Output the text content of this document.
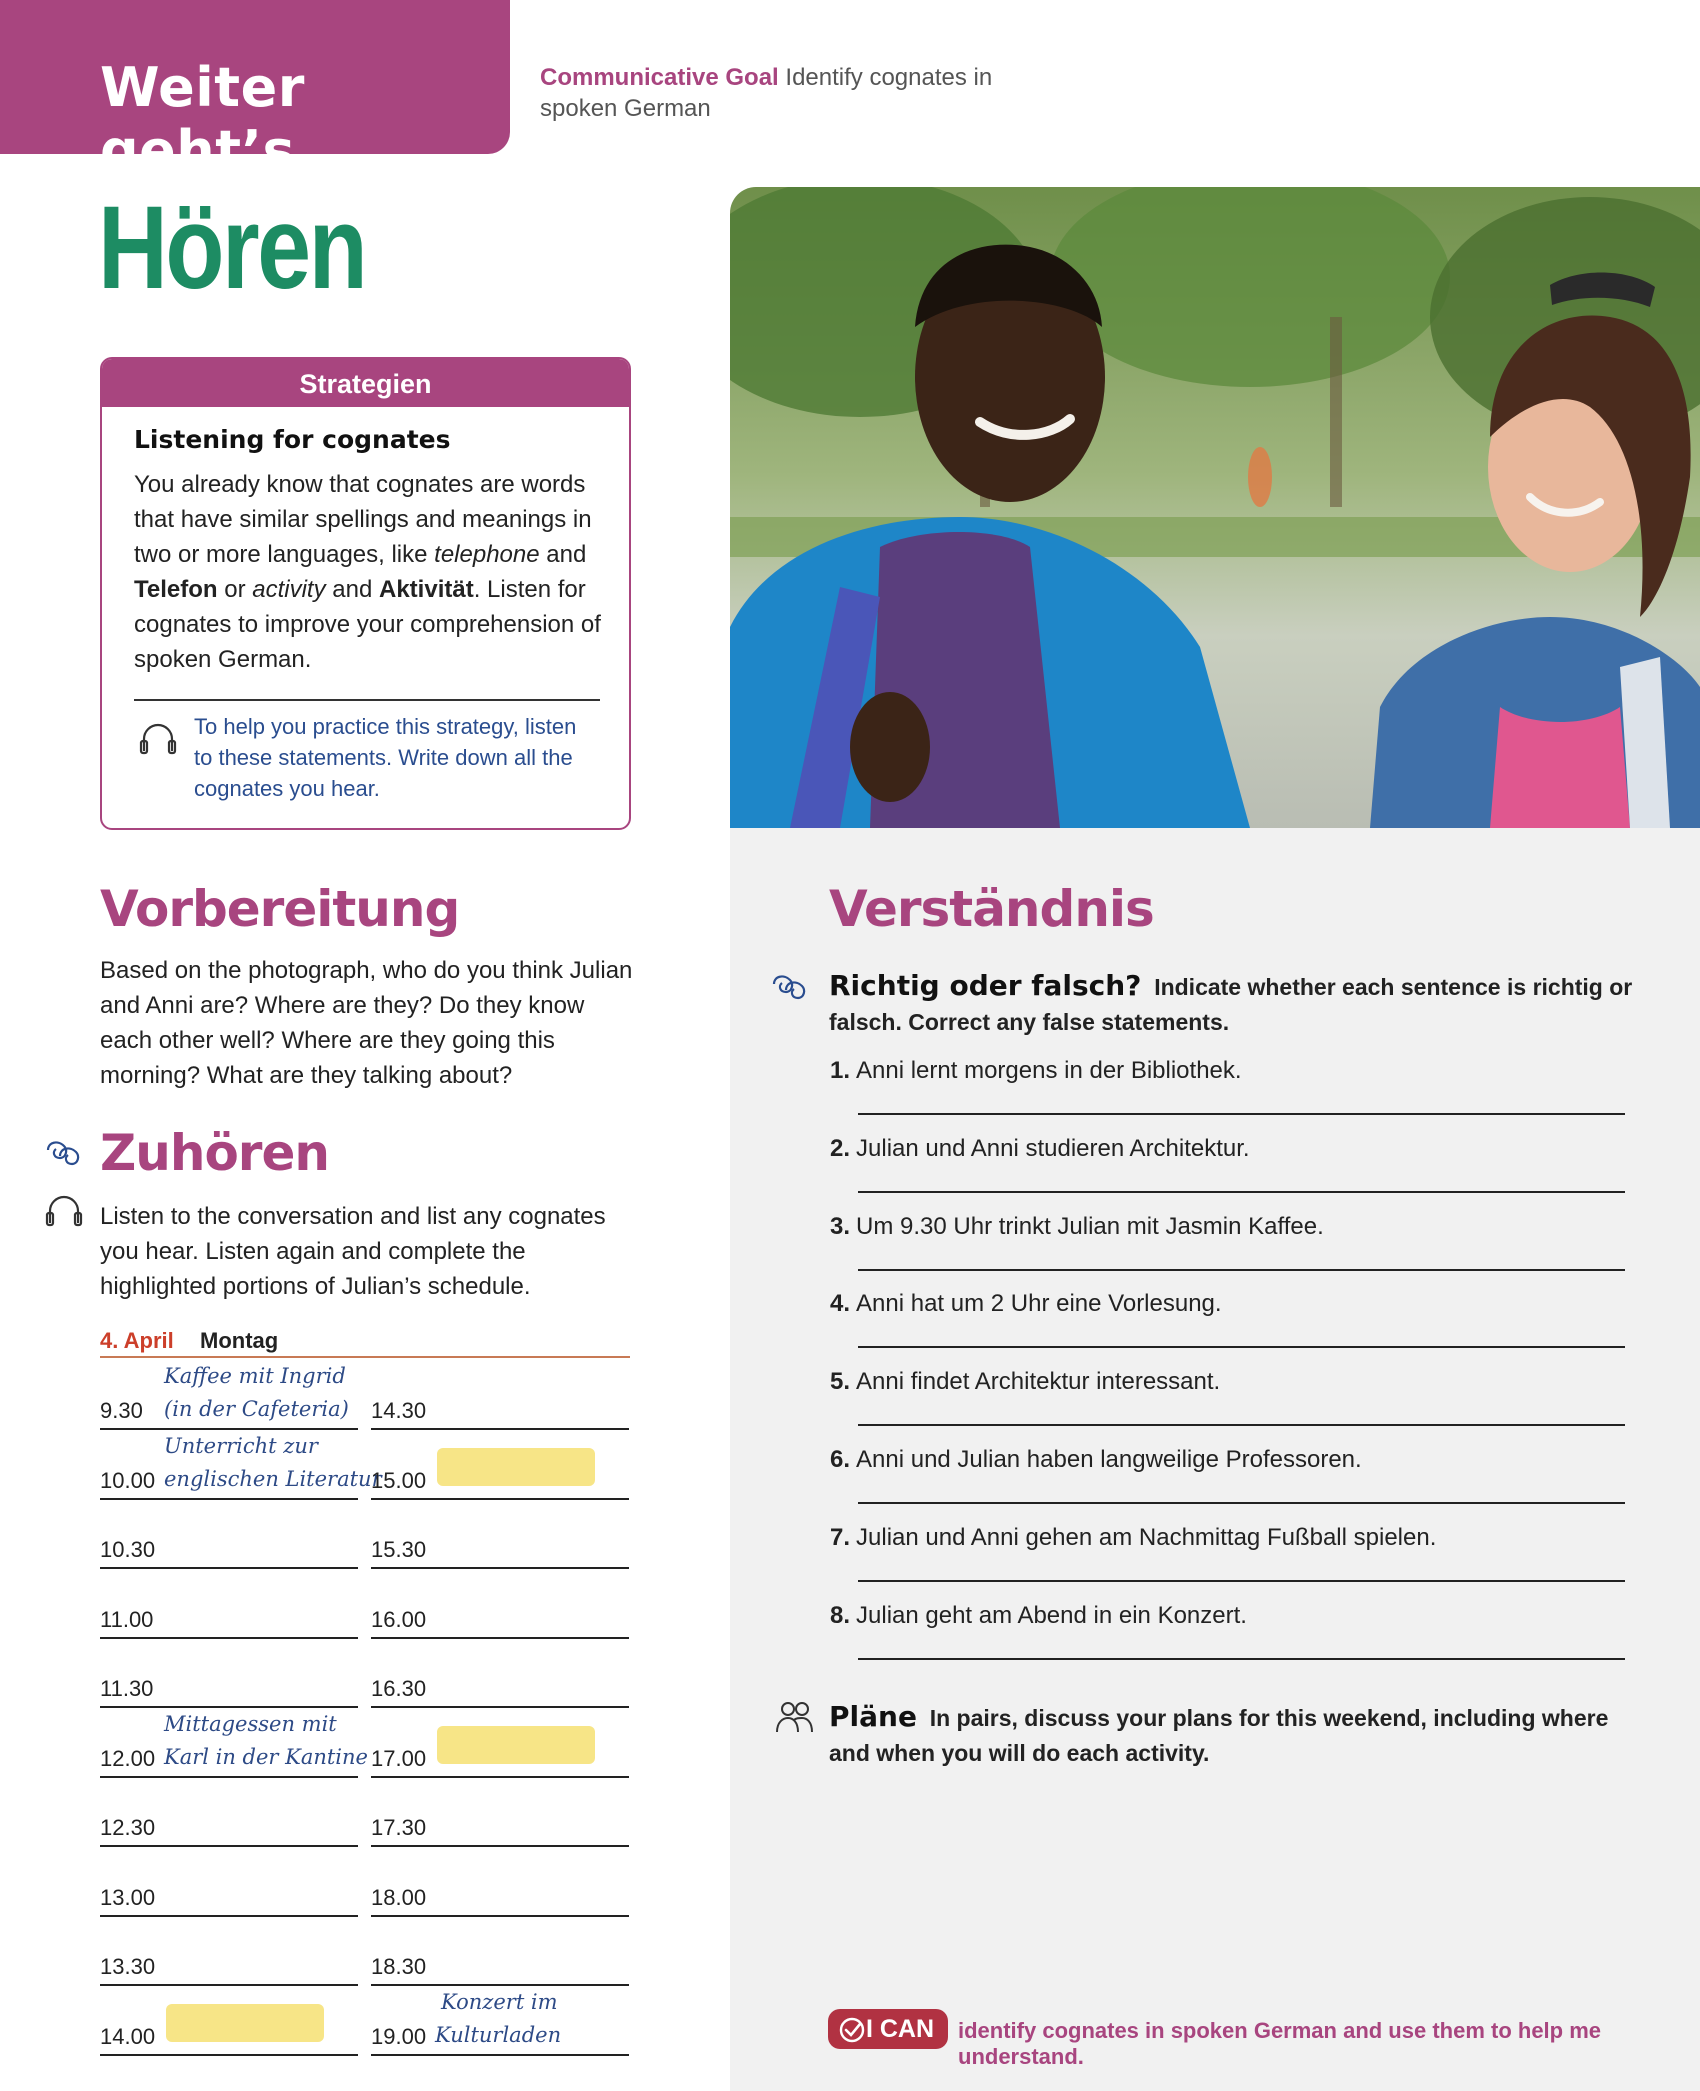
Weiter geht’s
Communicative Goal Identify cognates in spoken German
Hören
Strategien
Listening for cognates
You already know that cognates are words that have similar spellings and meanings in two or more languages, like telephone and Telefon or activity and Aktivität. Listen for cognates to improve your comprehension of spoken German.
To help you practice this strategy, listen to these statements. Write down all the cognates you hear.
Vorbereitung
Based on the photograph, who do you think Julian and Anni are? Where are they? Do they know each other well? Where are they going this morning? What are they talking about?
Zuhören
Listen to the conversation and list any cognates you hear. Listen again and complete the highlighted portions of Julian’s schedule.
4. April Montag
9.30
Kaffee mit Ingrid
(in der Cafeteria)
10.00
Unterricht zur
englischen Literatur
10.30
11.00
11.30
12.00
Mittagessen mit
Karl in der Kantine
12.30
13.00
13.30
14.00
14.30
15.00
15.30
16.00
16.30
17.00
17.30
18.00
18.30
19.00
Konzert im
Kulturladen
Verständnis
Richtig oder falsch? Indicate whether each sentence is richtig or falsch. Correct any false statements.
1. Anni lernt morgens in der Bibliothek.
2. Julian und Anni studieren Architektur.
3. Um 9.30 Uhr trinkt Julian mit Jasmin Kaffee.
4. Anni hat um 2 Uhr eine Vorlesung.
5. Anni findet Architektur interessant.
6. Anni und Julian haben langweilige Professoren.
7. Julian und Anni gehen am Nachmittag Fußball spielen.
8. Julian geht am Abend in ein Konzert.
Pläne In pairs, discuss your plans for this weekend, including where and when you will do each activity.
I CAN	identify cognates in spoken German and use them to help me understand.
